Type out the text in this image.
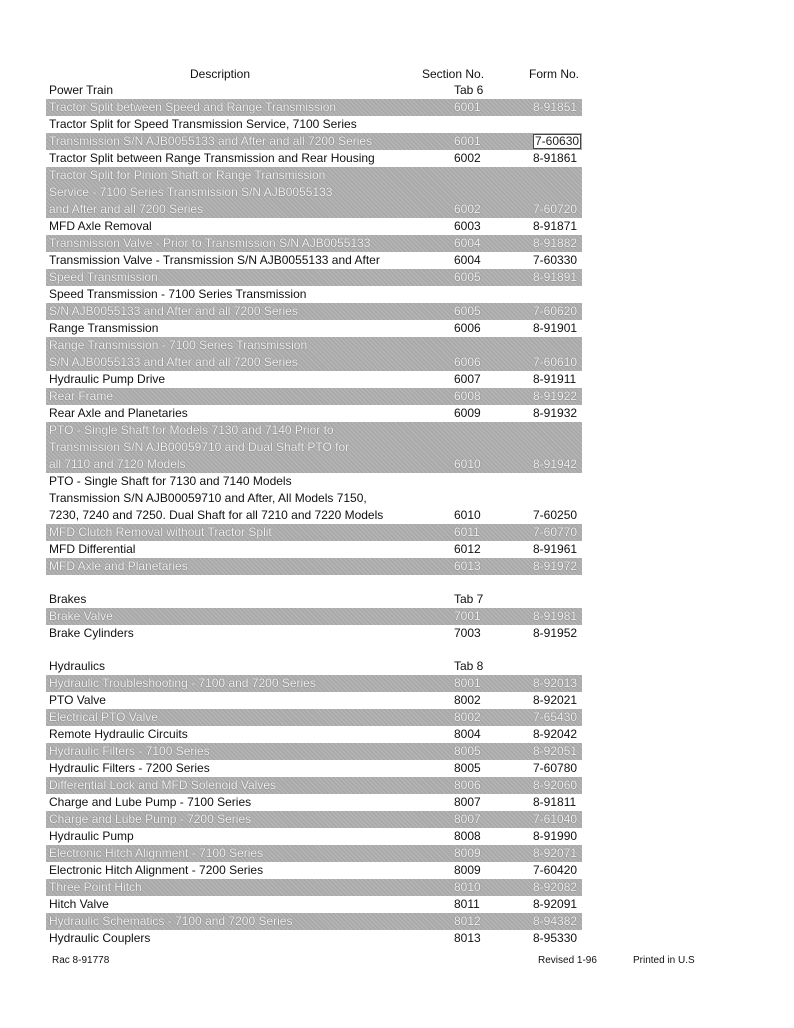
Description	Section No.	Form No.
Power Train	Tab 6
Tractor Split between Speed and Range Transmission	6001	8-91851
Tractor Split for Speed Transmission Service, 7100 Series
Transmission S/N AJB0055133 and After and all 7200 Series	6001	7-60630
Tractor Split between Range Transmission and Rear Housing	6002	8-91861
Tractor Split for Pinion Shaft or Range Transmission
Service - 7100 Series Transmission S/N AJB0055133
and After and all 7200 Series	6002	7-60720
MFD Axle Removal	6003	8-91871
Transmission Valve - Prior to Transmission S/N AJB0055133	6004	8-91882
Transmission Valve - Transmission S/N AJB0055133 and After	6004	7-60330
Speed Transmission	6005	8-91891
Speed Transmission - 7100 Series Transmission
S/N AJB0055133 and After and all 7200 Series	6005	7-60620
Range Transmission	6006	8-91901
Range Transmission - 7100 Series Transmission
S/N AJB0055133 and After and all 7200 Series	6006	7-60610
Hydraulic Pump Drive	6007	8-91911
Rear Frame	6008	8-91922
Rear Axle and Planetaries	6009	8-91932
PTO - Single Shaft for Models 7130 and 7140 Prior to
Transmission S/N AJB00059710 and Dual Shaft PTO for
all 7110 and 7120 Models	6010	8-91942
PTO - Single Shaft for 7130 and 7140 Models
Transmission S/N AJB00059710 and After, All Models 7150,
7230, 7240 and 7250. Dual Shaft for all 7210 and 7220 Models	6010	7-60250
MFD Clutch Removal without Tractor Split	6011	7-60770
MFD Differential	6012	8-91961
MFD Axle and Planetaries	6013	8-91972
Brakes	Tab 7
Brake Valve	7001	8-91981
Brake Cylinders	7003	8-91952
Hydraulics	Tab 8
Hydraulic Troubleshooting - 7100 and 7200 Series	8001	8-92013
PTO Valve	8002	8-92021
Electrical PTO Valve	8002	7-65430
Remote Hydraulic Circuits	8004	8-92042
Hydraulic Filters - 7100 Series	8005	8-92051
Hydraulic Filters - 7200 Series	8005	7-60780
Differential Lock and MFD Solenoid Valves	8006	8-92060
Charge and Lube Pump - 7100 Series	8007	8-91811
Charge and Lube Pump - 7200 Series	8007	7-61040
Hydraulic Pump	8008	8-91990
Electronic Hitch Alignment - 7100 Series	8009	8-92071
Electronic Hitch Alignment - 7200 Series	8009	7-60420
Three Point Hitch	8010	8-92082
Hitch Valve	8011	8-92091
Hydraulic Schematics - 7100 and 7200 Series	8012	8-94382
Hydraulic Couplers	8013	8-95330
Rac 8-91778	Revised 1-96	Printed in U.S
